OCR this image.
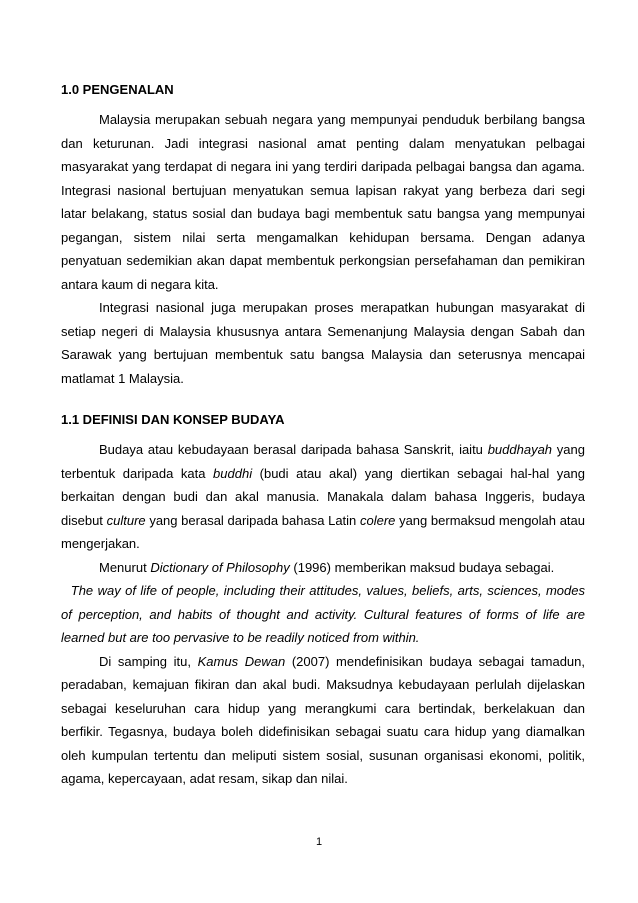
1.0 PENGENALAN

Malaysia merupakan sebuah negara yang mempunyai penduduk berbilang bangsa dan keturunan. Jadi integrasi nasional amat penting dalam menyatukan pelbagai masyarakat yang terdapat di negara ini yang terdiri daripada pelbagai bangsa dan agama. Integrasi nasional bertujuan menyatukan semua lapisan rakyat yang berbeza dari segi latar belakang, status sosial dan budaya bagi membentuk satu bangsa yang mempunyai pegangan, sistem nilai serta mengamalkan kehidupan bersama. Dengan adanya penyatuan sedemikian akan dapat membentuk perkongsian persefahaman dan pemikiran antara kaum di negara kita.

Integrasi nasional juga merupakan proses merapatkan hubungan masyarakat di setiap negeri di Malaysia khususnya antara Semenanjung Malaysia dengan Sabah dan Sarawak yang bertujuan membentuk satu bangsa Malaysia dan seterusnya mencapai matlamat 1 Malaysia.

1.1 DEFINISI DAN KONSEP BUDAYA

Budaya atau kebudayaan berasal daripada bahasa Sanskrit, iaitu buddhayah yang terbentuk daripada kata buddhi (budi atau akal) yang diertikan sebagai hal-hal yang berkaitan dengan budi dan akal manusia. Manakala dalam bahasa Inggeris, budaya disebut culture yang berasal daripada bahasa Latin colere yang bermaksud mengolah atau mengerjakan.

Menurut Dictionary of Philosophy (1996) memberikan maksud budaya sebagai.

The way of life of people, including their attitudes, values, beliefs, arts, sciences, modes of perception, and habits of thought and activity. Cultural features of forms of life are learned but are too pervasive to be readily noticed from within.

Di samping itu, Kamus Dewan (2007) mendefinisikan budaya sebagai tamadun, peradaban, kemajuan fikiran dan akal budi. Maksudnya kebudayaan perlulah dijelaskan sebagai keseluruhan cara hidup yang merangkumi cara bertindak, berkelakuan dan berfikir. Tegasnya, budaya boleh didefinisikan sebagai suatu cara hidup yang diamalkan oleh kumpulan tertentu dan meliputi sistem sosial, susunan organisasi ekonomi, politik, agama, kepercayaan, adat resam, sikap dan nilai.

1
